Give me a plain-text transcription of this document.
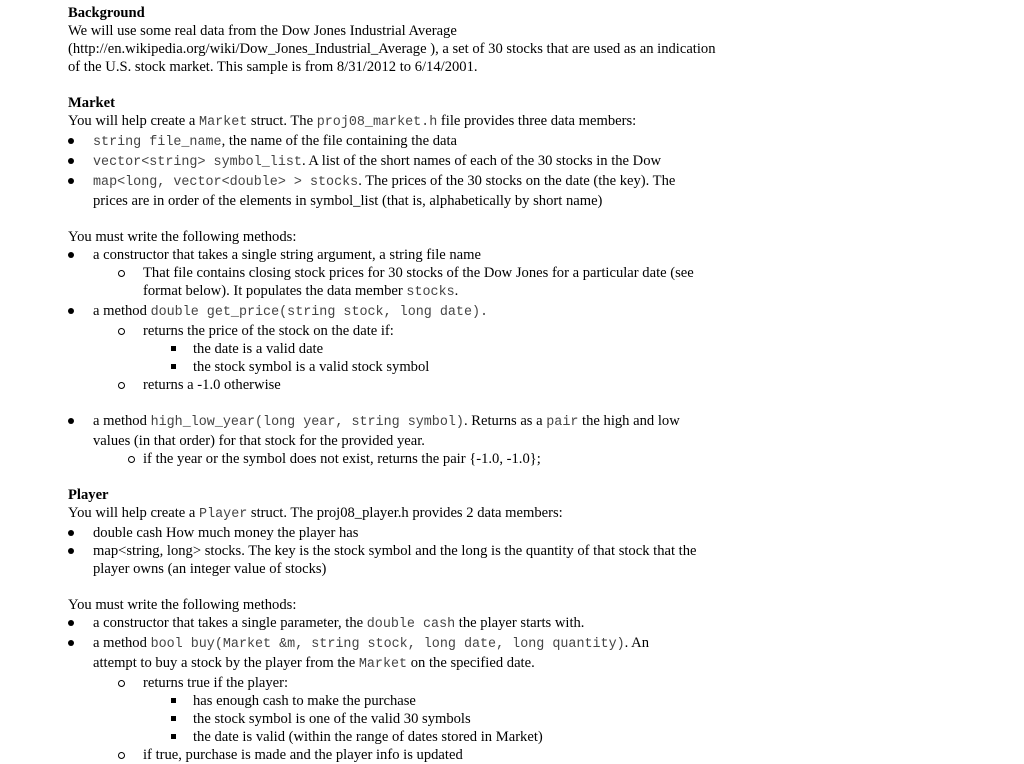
Background
We will use some real data from the Dow Jones Industrial Average
(http://en.wikipedia.org/wiki/Dow_Jones_Industrial_Average ), a set of 30 stocks that are used as an indication
of the U.S. stock market. This sample is from 8/31/2012 to 6/14/2001.
Market
You will help create a Market struct. The proj08_market.h file provides three data members:
string file_name, the name of the file containing the data
vector<string> symbol_list. A list of the short names of each of the 30 stocks in the Dow
map<long, vector<double> > stocks. The prices of the 30 stocks on the date (the key). The
prices are in order of the elements in symbol_list (that is, alphabetically by short name)
You must write the following methods:
a constructor that takes a single string argument, a string file name
That file contains closing stock prices for 30 stocks of the Dow Jones for a particular date (see
format below). It populates the data member stocks.
a method double get_price(string stock, long date).
returns the price of the stock on the date if:
the date is a valid date
the stock symbol is a valid stock symbol
returns a -1.0 otherwise
a method high_low_year(long year, string symbol). Returns as a pair the high and low
values (in that order) for that stock for the provided year.
if the year or the symbol does not exist, returns the pair {-1.0, -1.0};
Player
You will help create a Player struct. The proj08_player.h provides 2 data members:
double cash How much money the player has
map<string, long> stocks. The key is the stock symbol and the long is the quantity of that stock that the
player owns (an integer value of stocks)
You must write the following methods:
a constructor that takes a single parameter, the double cash the player starts with.
a method bool buy(Market &m, string stock, long date, long quantity). An
attempt to buy a stock by the player from the Market on the specified date.
returns true if the player:
has enough cash to make the purchase
the stock symbol is one of the valid 30 symbols
the date is valid (within the range of dates stored in Market)
if true, purchase is made and the player info is updated
